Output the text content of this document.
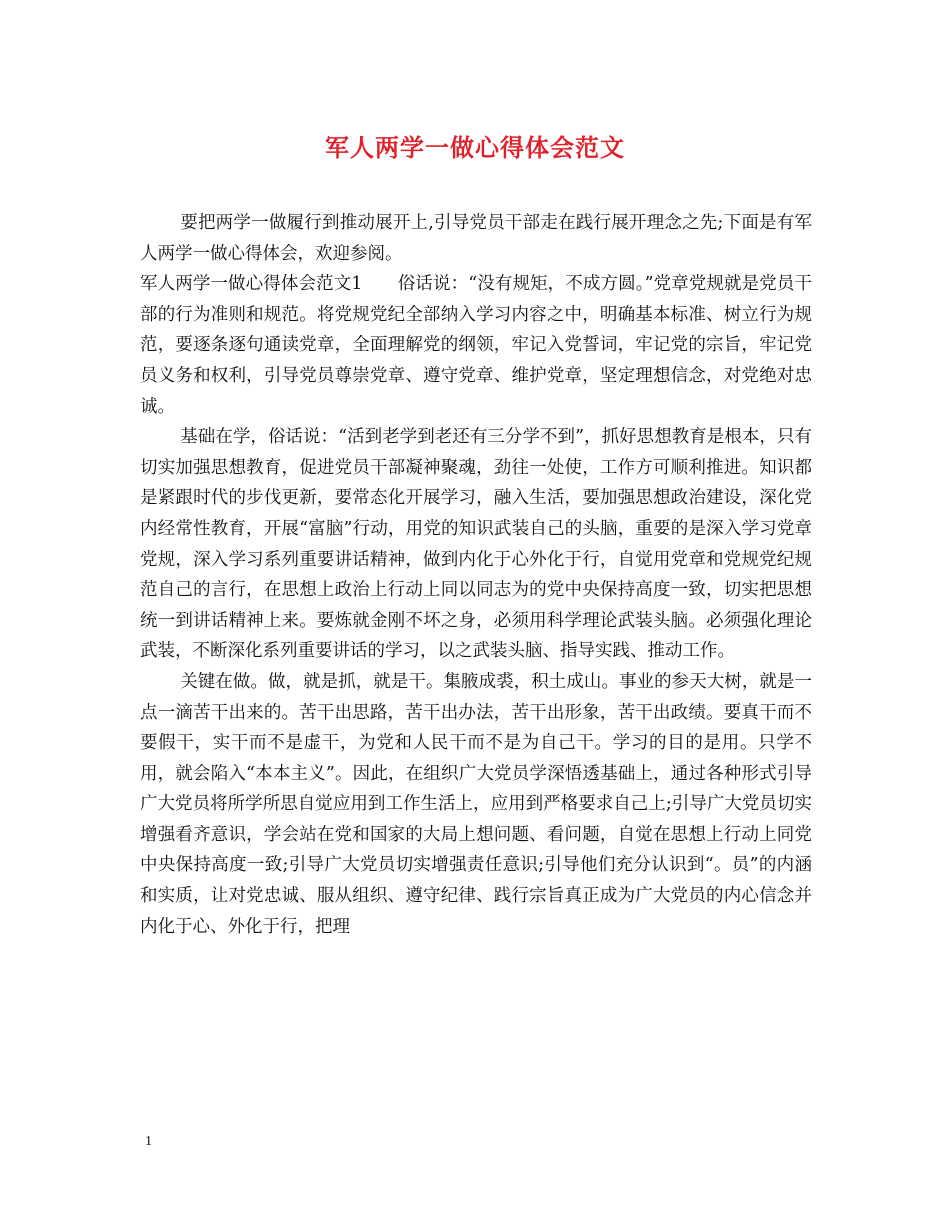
军人两学一做心得体会范文

要把两学一做履行到推动展开上,引导党员干部走在践行展开理念之先;下面是有军人两学一做心得体会，欢迎参阅。

军人两学一做心得体会范文1　　俗话说：“没有规矩，不成方圆。”党章党规就是党员干部的行为准则和规范。将党规党纪全部纳入学习内容之中，明确基本标准、树立行为规范，要逐条逐句通读党章，全面理解党的纲领，牢记入党誓词，牢记党的宗旨，牢记党员义务和权利，引导党员尊崇党章、遵守党章、维护党章，坚定理想信念，对党绝对忠诚。

基础在学，俗话说：“活到老学到老还有三分学不到”，抓好思想教育是根本，只有切实加强思想教育，促进党员干部凝神聚魂，劲往一处使，工作方可顺利推进。知识都是紧跟时代的步伐更新，要常态化开展学习，融入生活，要加强思想政治建设，深化党内经常性教育，开展“富脑”行动，用党的知识武装自己的头脑，重要的是深入学习党章党规，深入学习系列重要讲话精神，做到内化于心外化于行，自觉用党章和党规党纪规范自己的言行，在思想上政治上行动上同以同志为的党中央保持高度一致，切实把思想统一到讲话精神上来。要炼就金刚不坏之身，必须用科学理论武装头脑。必须强化理论武装，不断深化系列重要讲话的学习，以之武装头脑、指导实践、推动工作。

关键在做。做，就是抓，就是干。集腋成裘，积土成山。事业的参天大树，就是一点一滴苦干出来的。苦干出思路，苦干出办法，苦干出形象，苦干出政绩。要真干而不要假干，实干而不是虚干，为党和人民干而不是为自己干。学习的目的是用。只学不用，就会陷入“本本主义”。因此，在组织广大党员学深悟透基础上，通过各种形式引导广大党员将所学所思自觉应用到工作生活上，应用到严格要求自己上;引导广大党员切实增强看齐意识，学会站在党和国家的大局上想问题、看问题，自觉在思想上行动上同党中央保持高度一致;引导广大党员切实增强责任意识;引导他们充分认识到“。员”的内涵和实质，让对党忠诚、服从组织、遵守纪律、践行宗旨真正成为广大党员的内心信念并内化于心、外化于行，把理

1
